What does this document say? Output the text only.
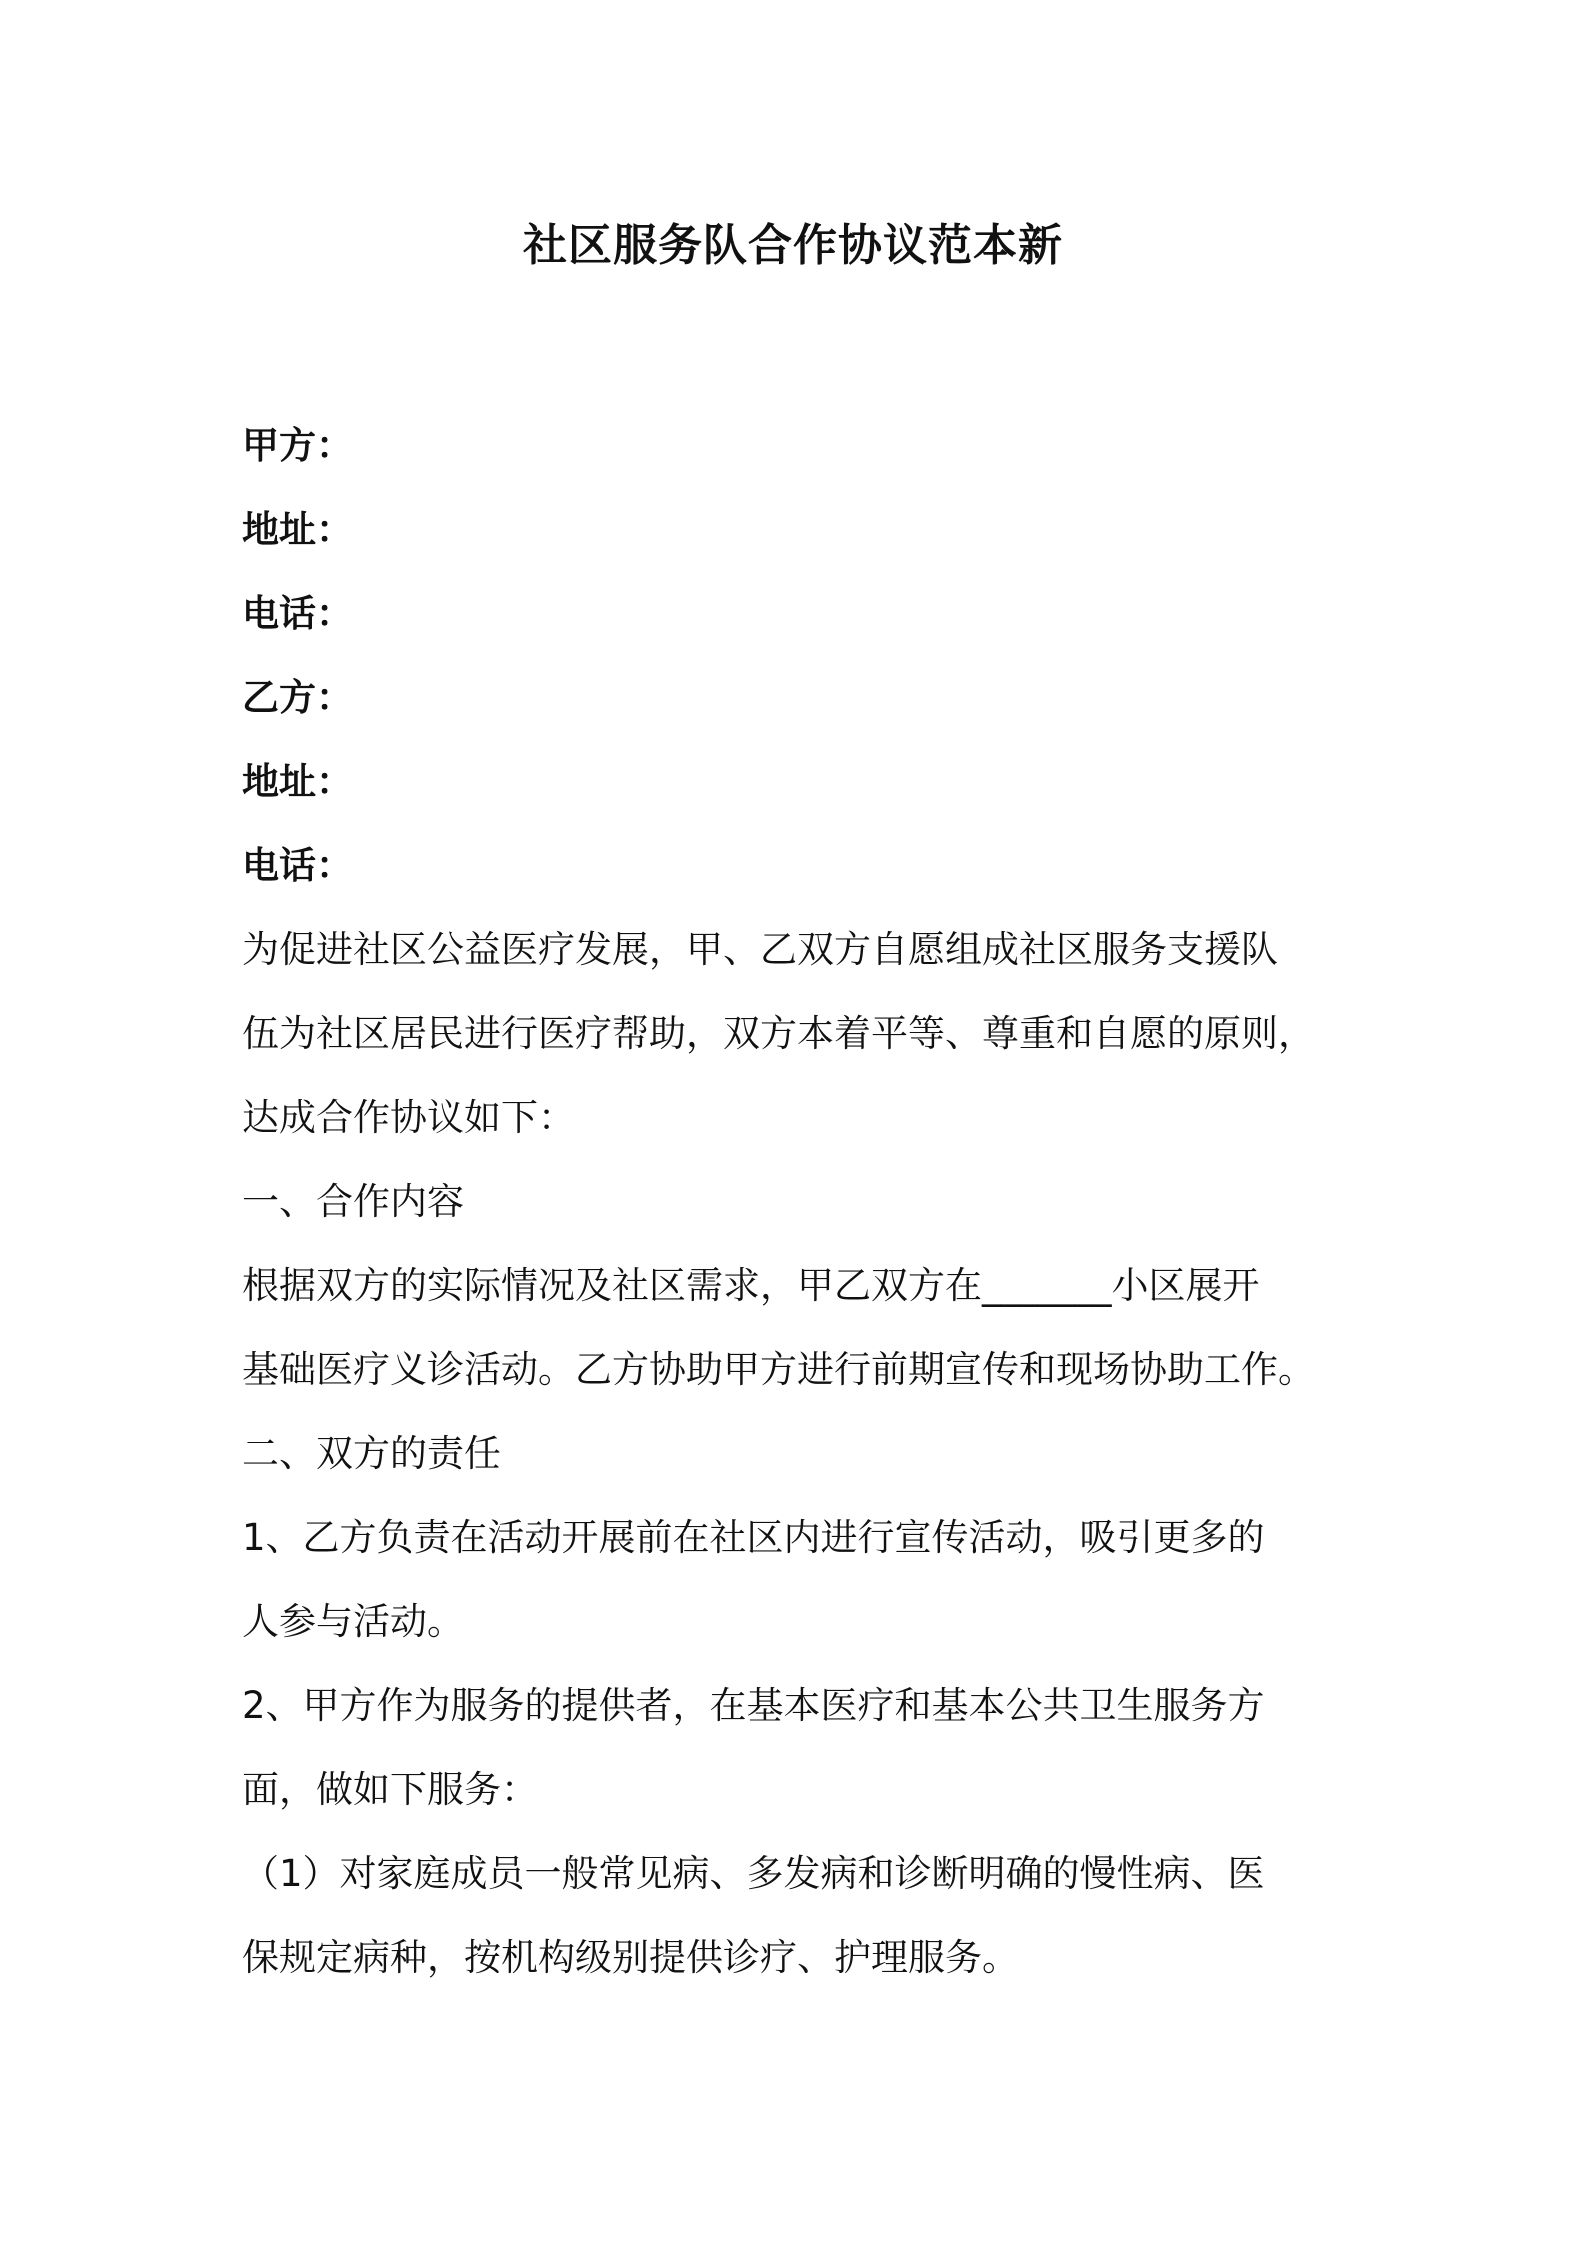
社区服务队合作协议范本新
甲方：
地址：
电话：
乙方：
地址：
电话：
为促进社区公益医疗发展，甲、乙双方自愿组成社区服务支援队
伍为社区居民进行医疗帮助，双方本着平等、尊重和自愿的原则，
达成合作协议如下：
一、合作内容
根据双方的实际情况及社区需求，甲乙双方在_______小区展开
基础医疗义诊活动。乙方协助甲方进行前期宣传和现场协助工作。
二、双方的责任
1、乙方负责在活动开展前在社区内进行宣传活动，吸引更多的
人参与活动。
2、甲方作为服务的提供者，在基本医疗和基本公共卫生服务方
面，做如下服务：
（1）对家庭成员一般常见病、多发病和诊断明确的慢性病、医
保规定病种，按机构级别提供诊疗、护理服务。
